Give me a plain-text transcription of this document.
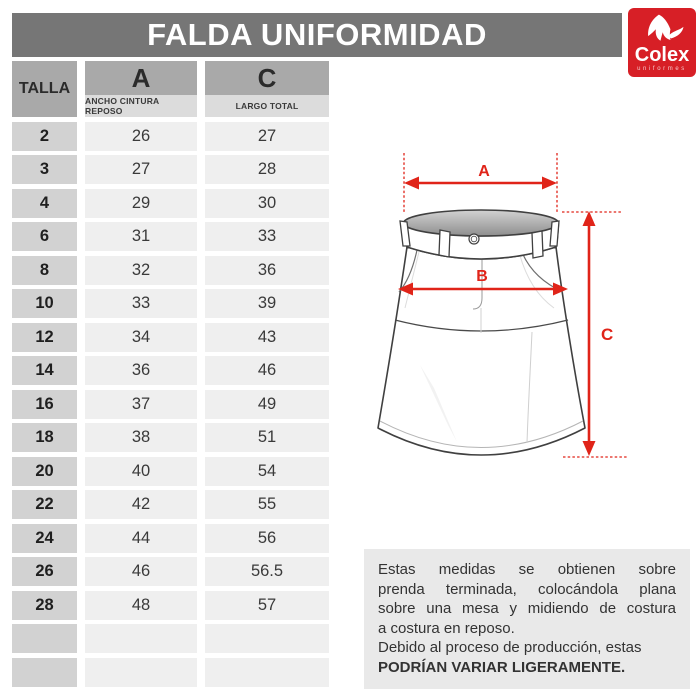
FALDA UNIFORMIDAD
Colex
uniformes
TALLA	A
ANCHO CINTURA REPOSO
C
LARGO TOTAL
2	26	27
3	27	28
4	29	30
6	31	33
8	32	36
10	33	39
12	34	43
14	36	46
16	37	49
18	38	51
20	40	54
22	42	55
24	44	56
26	46	56.5
28	48	57
A
B
C
Estas medidas se obtienen sobre
prenda terminada, colocándola plana
sobre una mesa y midiendo de costura
a costura en reposo.
Debido al proceso de producción, estas
PODRÍAN VARIAR LIGERAMENTE.
